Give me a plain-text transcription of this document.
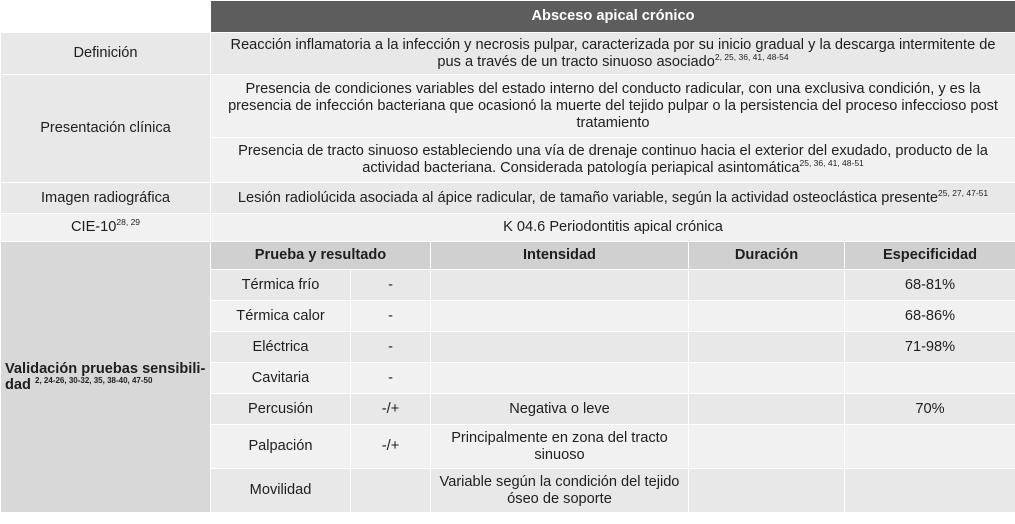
	Absceso apical crónico				
Definición	Reacción inflamatoria a la infección y necrosis pulpar, caracterizada por su inicio gradual y la descarga intermitente de pus a través de un tracto sinuoso asociado$^{2, 25, 36, 41, 48-54}$
Presentación clínica	Presencia de condiciones variables del estado interno del conducto radicular, con una exclusiva condición, y es la presencia de infección bacteriana que ocasionó la muerte del tejido pulpar o la persistencia del proceso infeccioso post tratamiento				
	Presencia de tracto sinuoso estableciendo una vía de drenaje continuo hacia el exterior del exudado, producto de la actividad bacteriana. Considerada patología periapical asintomática$^{25, 36, 41, 48-51}$
Imagen radiográfica	Lesión radiolúcida asociada al ápice radicular, de tamaño variable, según la actividad osteoclástica presente$^{25, 27, 47-51}$
CIE-10$^{28, 29}$	K 04.6 Periodontitis apical crónica				
Validación pruebas sensibili-dad $^{2, 24-26, 30-32, 35, 38-40, 47-50}$	Prueba y resultado		Intensidad	Duración	Especificidad
	Térmica frío	-			68-81%
	Térmica calor	-			68-86%
	Eléctrica	-			71-98%
	Cavitaria	-			
	Percusión	-/+	Negativa o leve		70%
	Palpación	-/+	Principalmente en zona del tracto sinuoso		
	Movilidad		Variable según la condición del tejido óseo de soporte		
